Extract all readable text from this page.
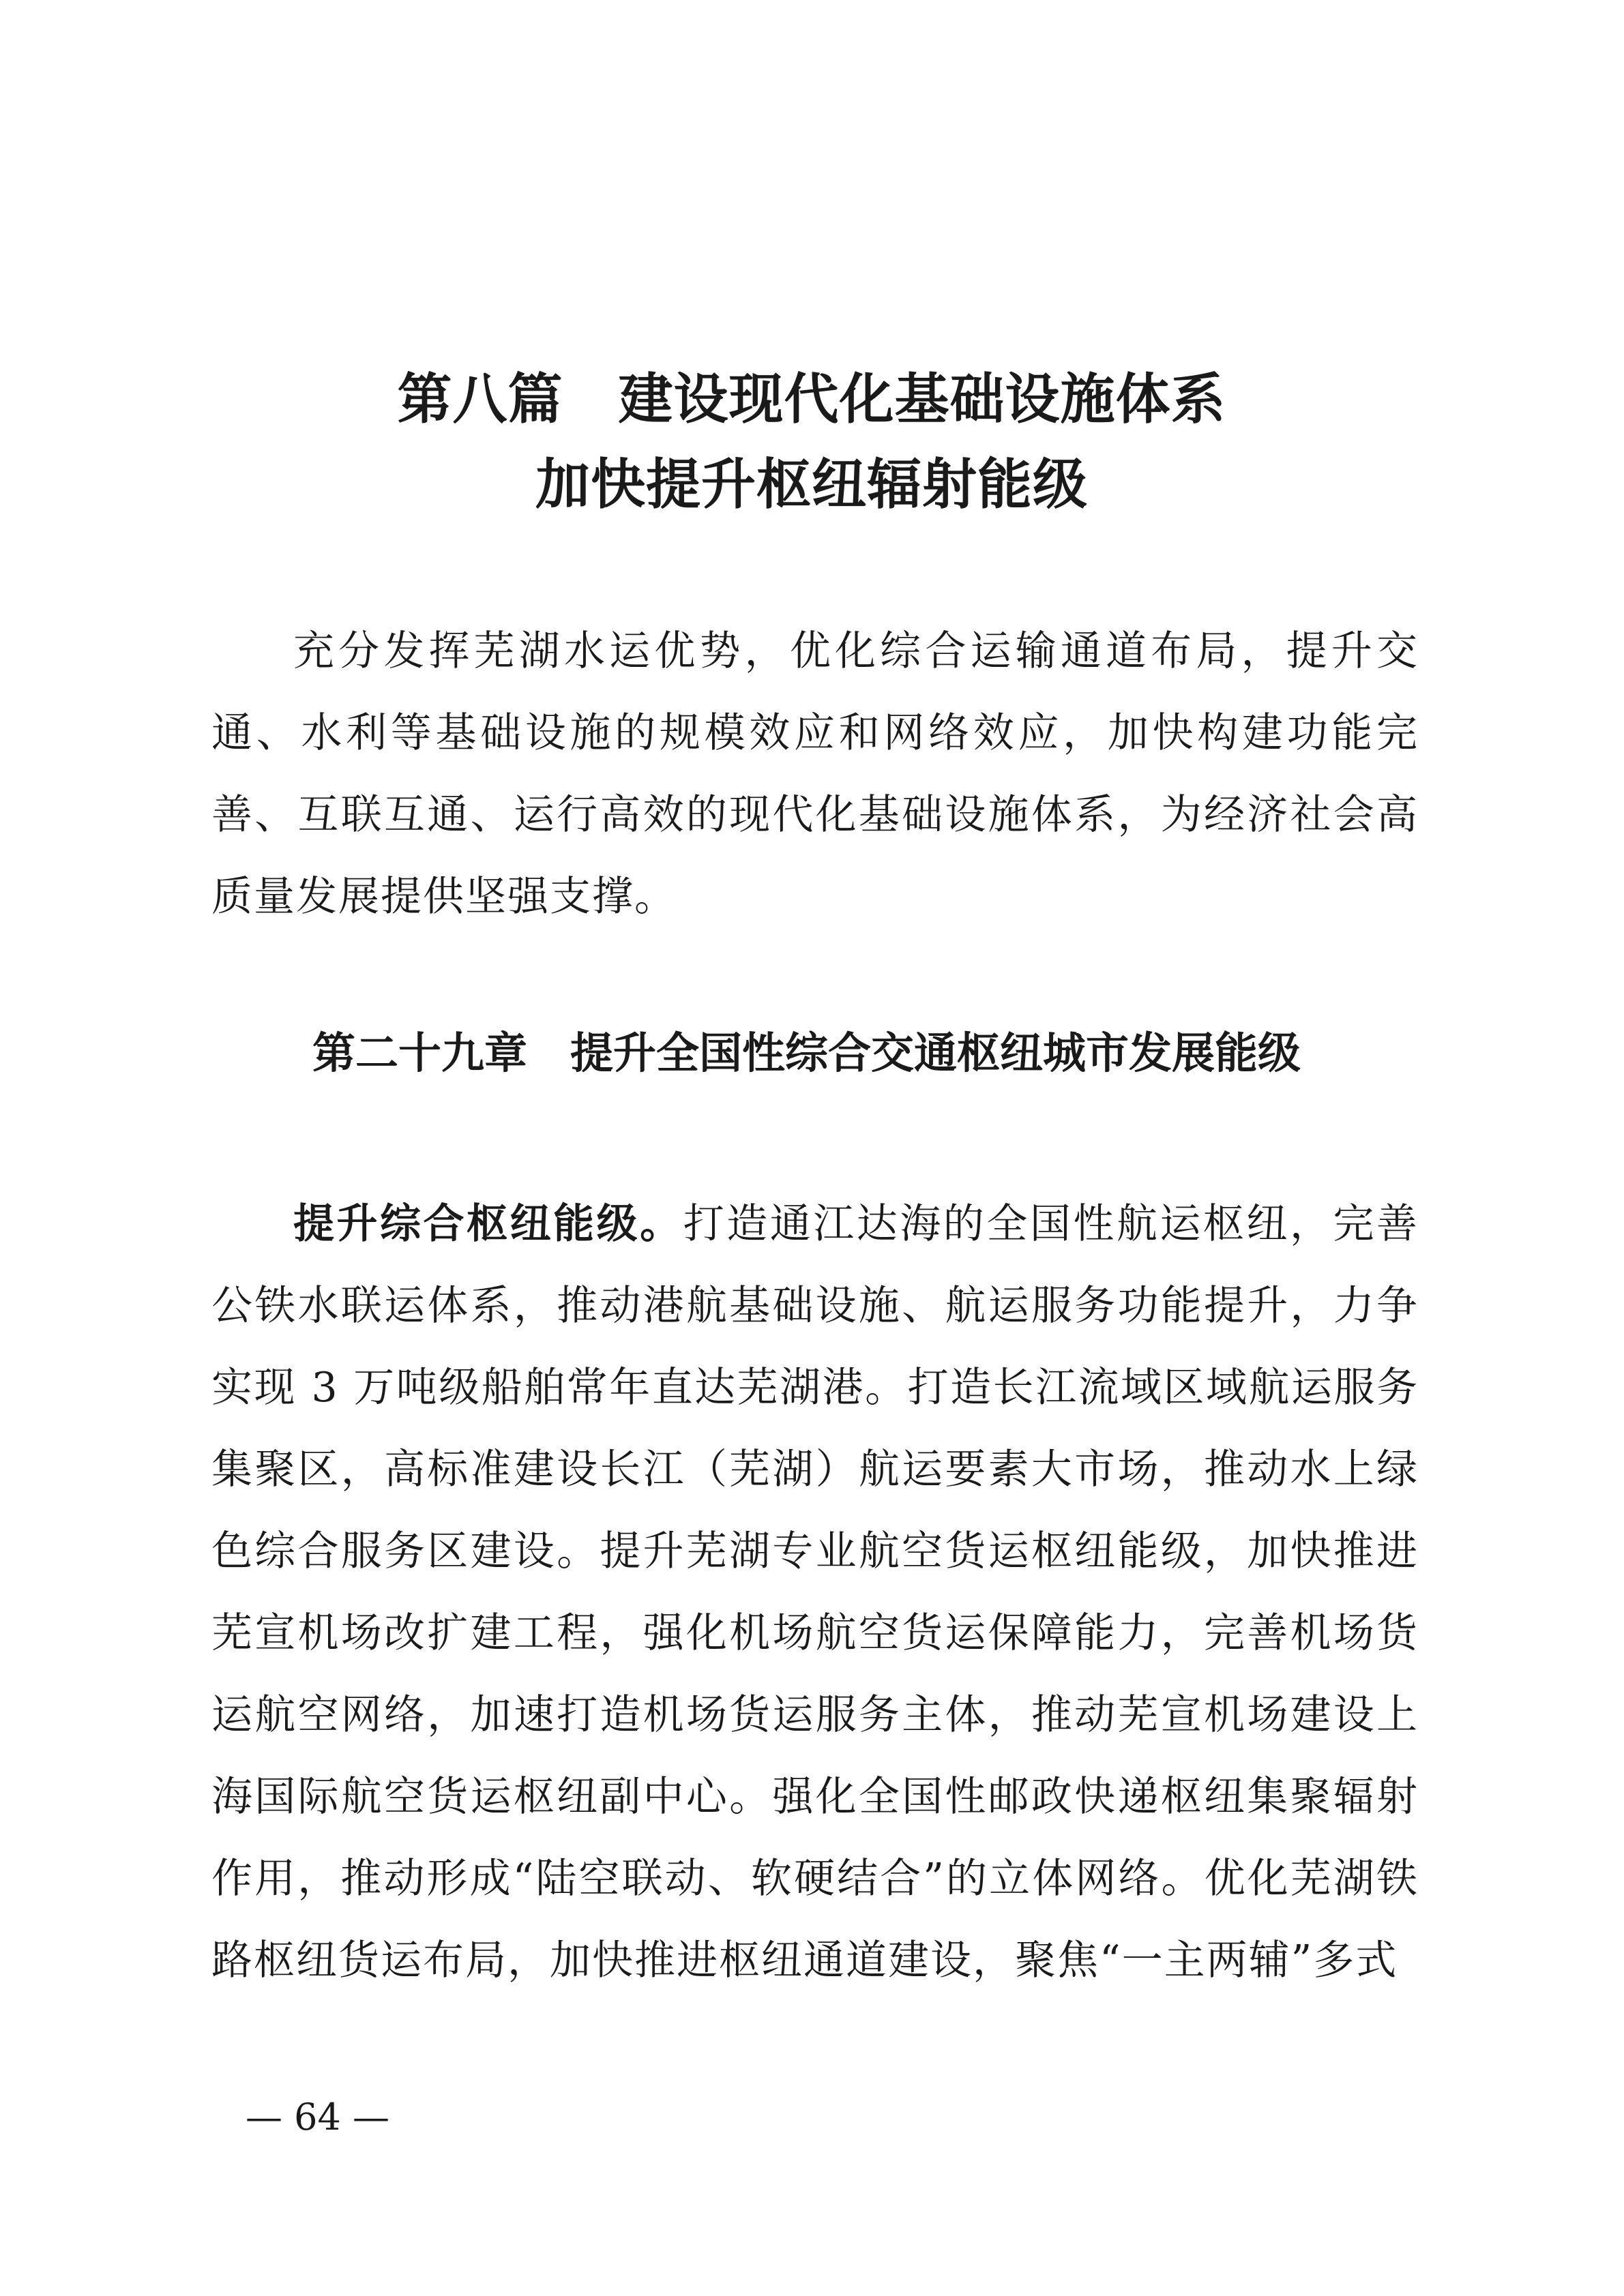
第八篇　建设现代化基础设施体系
加快提升枢纽辐射能级

充分发挥芜湖水运优势，优化综合运输通道布局，提升交通、水利等基础设施的规模效应和网络效应，加快构建功能完善、互联互通、运行高效的现代化基础设施体系，为经济社会高质量发展提供坚强支撑。

第二十九章　提升全国性综合交通枢纽城市发展能级

提升综合枢纽能级。打造通江达海的全国性航运枢纽，完善公铁水联运体系，推动港航基础设施、航运服务功能提升，力争实现 3 万吨级船舶常年直达芜湖港。打造长江流域区域航运服务集聚区，高标准建设长江（芜湖）航运要素大市场，推动水上绿色综合服务区建设。提升芜湖专业航空货运枢纽能级，加快推进芜宣机场改扩建工程，强化机场航空货运保障能力，完善机场货运航空网络，加速打造机场货运服务主体，推动芜宣机场建设上海国际航空货运枢纽副中心。强化全国性邮政快递枢纽集聚辐射作用，推动形成“陆空联动、软硬结合”的立体网络。优化芜湖铁路枢纽货运布局，加快推进枢纽通道建设，聚焦“一主两辅”多式

— 64 —
